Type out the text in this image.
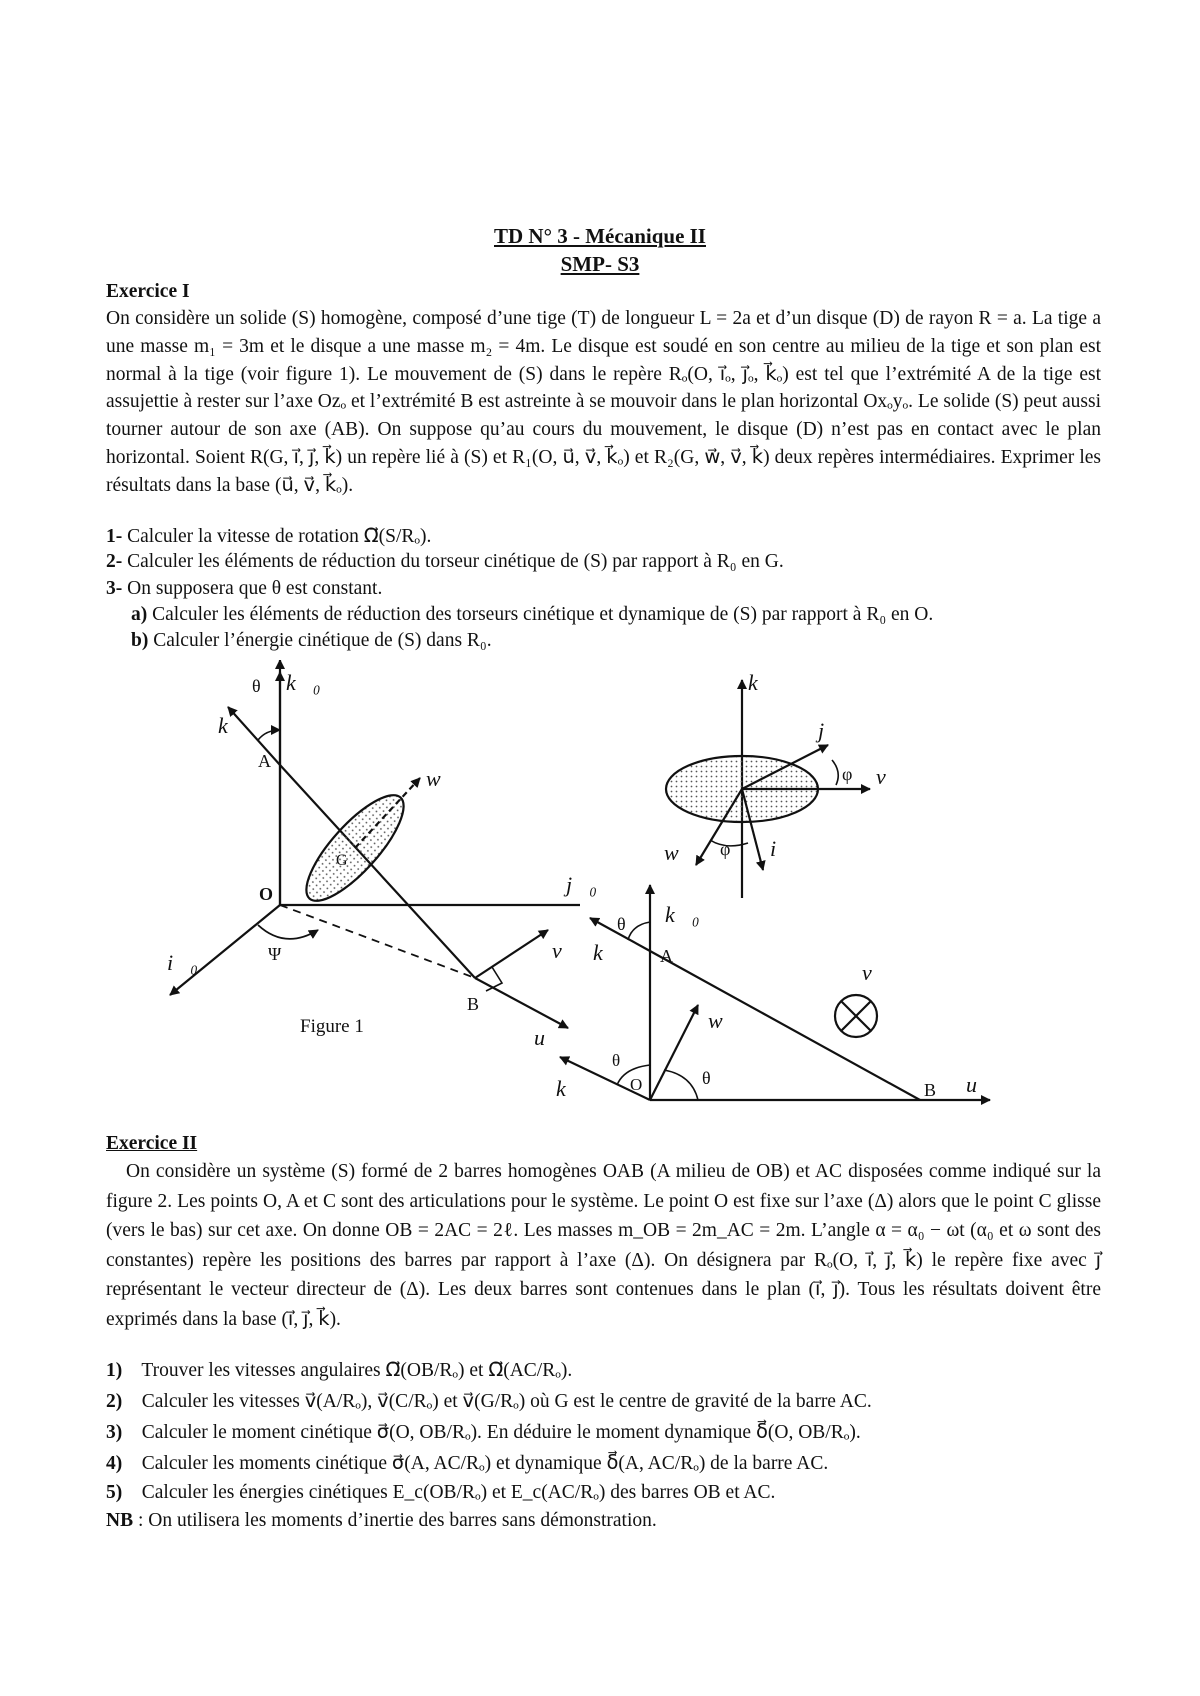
TD N° 3 - Mécanique II
SMP- S3
Exercice I
On considère un solide (S) homogène, composé d’une tige (T) de longueur L = 2a et d’un disque (D) de rayon R = a. La tige a une masse m₁ = 3m et le disque a une masse m₂ = 4m. Le disque est soudé en son centre au milieu de la tige et son plan est normal à la tige (voir figure 1). Le mouvement de (S) dans le repère Rₒ(O, i⃗ₒ, j⃗ₒ, k⃗ₒ) est tel que l’extrémité A de la tige est assujettie à rester sur l’axe Ozₒ et l’extrémité B est astreinte à se mouvoir dans le plan horizontal Oxₒyₒ. Le solide (S) peut aussi tourner autour de son axe (AB). On suppose qu’au cours du mouvement, le disque (D) n’est pas en contact avec le plan horizontal. Soient R(G, i⃗, j⃗, k⃗) un repère lié à (S) et R₁(O, u⃗, v⃗, k⃗ₒ) et R₂(G, w⃗, v⃗, k⃗) deux repères intermédiaires. Exprimer les résultats dans la base (u⃗, v⃗, k⃗ₒ).
1- Calculer la vitesse de rotation Ω⃗(S/Rₒ).
2- Calculer les éléments de réduction du torseur cinétique de (S) par rapport à R₀ en G.
3- On supposera que θ est constant.
a) Calculer les éléments de réduction des torseurs cinétique et dynamique de (S) par rapport à R₀ en O.
b) Calculer l’énergie cinétique de (S) dans R₀.
θ k⃗₀
k⃗
A
w⃗
G
O	j⃗₀
i⃗₀	Ψ	v⃗
B
u⃗
Figure 1
k⃗
j⃗
φ v⃗
φ
w⃗	i⃗
θ k⃗₀
k⃗ A
v⃗
w⃗
θ
O	θ
k⃗	B u⃗
Exercice II
On considère un système (S) formé de 2 barres homogènes OAB (A milieu de OB) et AC disposées comme indiqué sur la figure 2. Les points O, A et C sont des articulations pour le système. Le point O est fixe sur l’axe (Δ) alors que le point C glisse (vers le bas) sur cet axe. On donne OB = 2AC = 2ℓ. Les masses m_OB = 2m_AC = 2m. L’angle α = α₀ − ωt (α₀ et ω sont des constantes) repère les positions des barres par rapport à l’axe (Δ). On désignera par Rₒ(O, i⃗, j⃗, k⃗) le repère fixe avec j⃗ représentant le vecteur directeur de (Δ). Les deux barres sont contenues dans le plan (i⃗, j⃗). Tous les résultats doivent être exprimés dans la base (i⃗, j⃗, k⃗).
1) Trouver les vitesses angulaires Ω⃗(OB/Rₒ) et Ω⃗(AC/Rₒ).
2) Calculer les vitesses v⃗(A/Rₒ), v⃗(C/Rₒ) et v⃗(G/Rₒ) où G est le centre de gravité de la barre AC.
3) Calculer le moment cinétique σ⃗(O, OB/Rₒ). En déduire le moment dynamique δ⃗(O, OB/Rₒ).
4) Calculer les moments cinétique σ⃗(A, AC/Rₒ) et dynamique δ⃗(A, AC/Rₒ) de la barre AC.
5) Calculer les énergies cinétiques E_c(OB/Rₒ) et E_c(AC/Rₒ) des barres OB et AC.
NB : On utilisera les moments d’inertie des barres sans démonstration.
